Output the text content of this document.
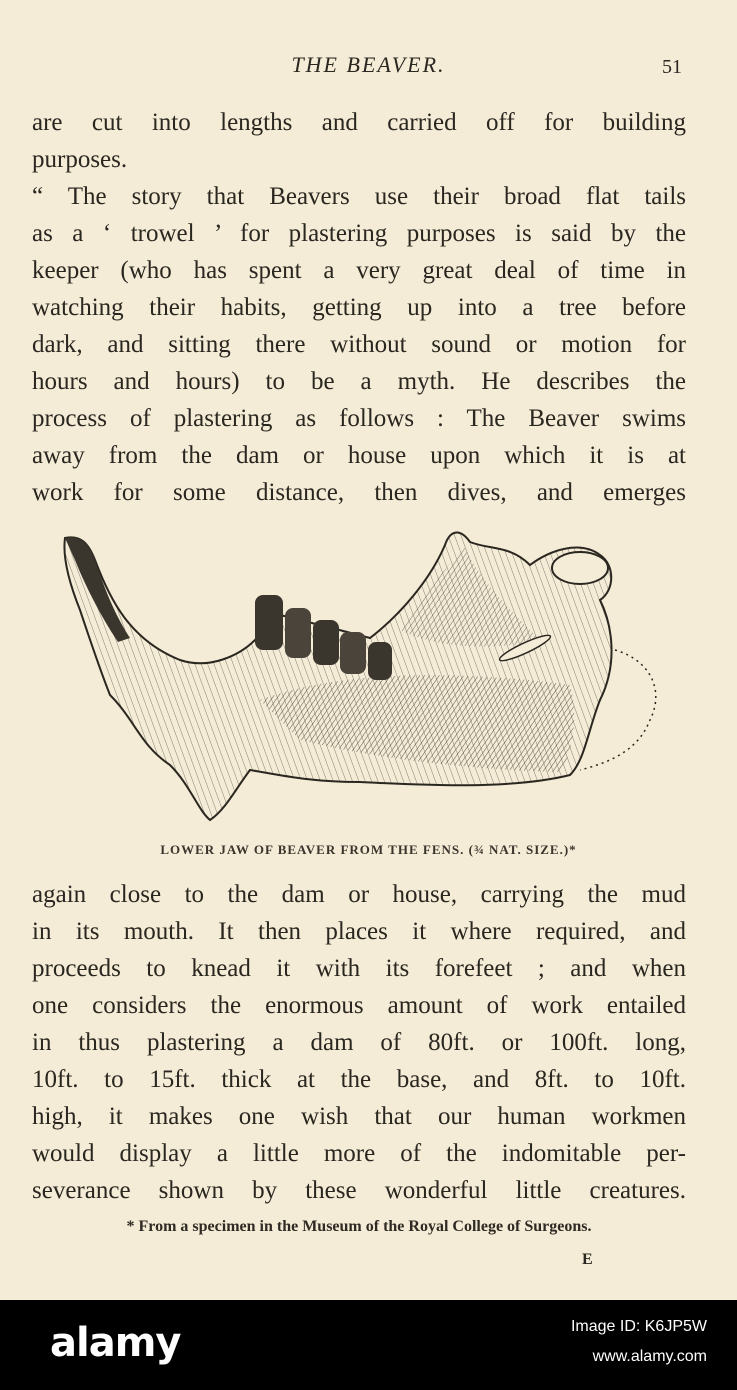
THE BEAVER.	51
are cut into lengths and carried off for building
purposes.
“ The story that Beavers use their broad flat tails
as a ‘ trowel ’ for plastering purposes is said by the
keeper (who has spent a very great deal of time in
watching their habits, getting up into a tree before
dark, and sitting there without sound or motion for
hours and hours) to be a myth. He describes the
process of plastering as follows : The Beaver swims
away from the dam or house upon which it is at
work for some distance, then dives, and emerges
LOWER JAW OF BEAVER FROM THE FENS. (¾ NAT. SIZE.)*
again close to the dam or house, carrying the mud
in its mouth. It then places it where required, and
proceeds to knead it with its forefeet ; and when
one considers the enormous amount of work entailed
in thus plastering a dam of 80ft. or 100ft. long,
10ft. to 15ft. thick at the base, and 8ft. to 10ft.
high, it makes one wish that our human workmen
would display a little more of the indomitable per-
severance shown by these wonderful little creatures.
* From a specimen in the Museum of the Royal College of Surgeons.
E
alamy	Image ID: K6JP5W
www.alamy.com
